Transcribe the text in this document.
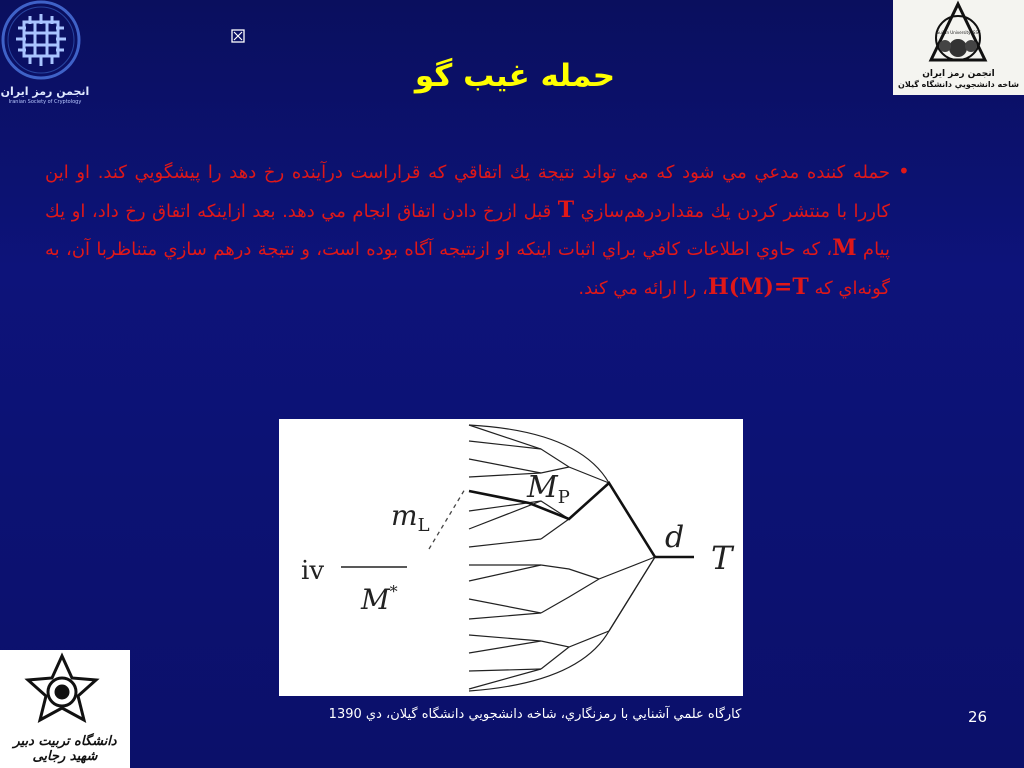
انجمن رمز ایران
Iranian Society of Cryptology
Guilan University ISSC
انجمن رمز ايران
شاخه دانشجويي دانشگاه گيلان
حمله غيب گو
•
حمله كننده مدعي مي شود كه مي تواند نتيجة يك اتفاقي كه قراراست درآينده رخ دهد را پيشگويي كند. او اين كاررا با منتشر كردن يك مقداردرهم‌سازي T قبل ازرخ دادن اتفاق انجام مي دهد. بعد ازاينكه اتفاق رخ داد، او يك پيام M، كه حاوي اطلاعات كافي براي اثبات اينكه او ازنتيجه آگاه بوده است، و نتيجة درهم سازي متناظربا آن، به گونه‌اي كه H(M)=T، را ارائه مي كند.
iv
M*
$m_L$
$M_P$
d
T
دانشگاه تربیت دبیر شهید رجایی
كارگاه علمي آشنايي با رمزنگاري، شاخه دانشجويي دانشگاه گيلان، دي 1390	26
